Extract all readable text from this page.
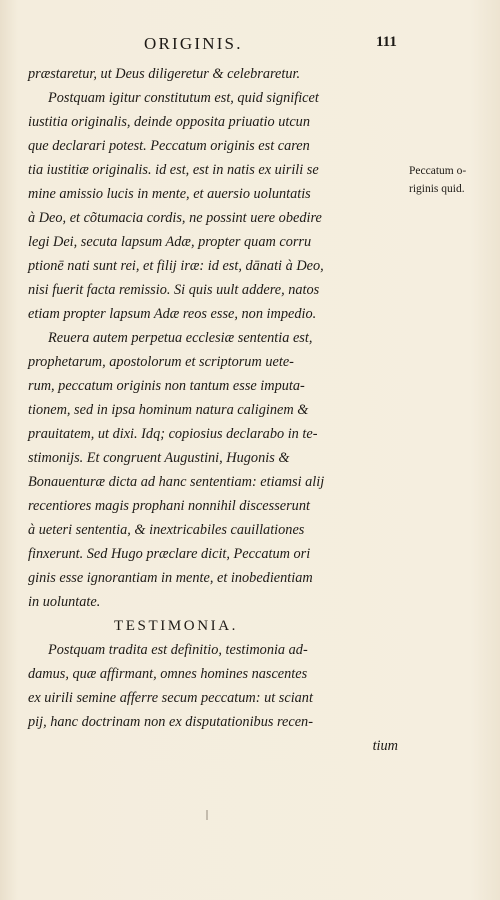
ORIGINIS.	111
præstaretur, ut Deus diligeretur & celebraretur.
Postquam igitur constitutum est, quid significet
iustitia originalis, deinde opposita priuatio utcun
que declarari potest. Peccatum originis est caren
tia iustitiæ originalis. id est, est in natis ex uirili se
mine amissio lucis in mente, et auersio uoluntatis
à Deo, et cõtumacia cordis, ne possint uere obedire
legi Dei, secuta lapsum Adæ, propter quam corru
ptionē nati sunt rei, et filij iræ: id est, dānati à Deo,
nisi fuerit facta remissio. Si quis uult addere, natos
etiam propter lapsum Adæ reos esse, non impedio.
Reuera autem perpetua ecclesiæ sententia est,
prophetarum, apostolorum et scriptorum uete-
rum, peccatum originis non tantum esse imputa-
tionem, sed in ipsa hominum natura caliginem &
prauitatem, ut dixi. Idq; copiosius declarabo in te-
stimonijs. Et congruent Augustini, Hugonis &
Bonauenturæ dicta ad hanc sententiam: etiamsi alij
recentiores magis prophani nonnihil discesserunt
à ueteri sententia, & inextricabiles cauillationes
finxerunt. Sed Hugo præclare dicit, Peccatum ori
ginis esse ignorantiam in mente, et inobedientiam
in uoluntate.
TESTIMONIA.
Postquam tradita est definitio, testimonia ad-
damus, quæ affirmant, omnes homines nascentes
ex uirili semine afferre secum peccatum: ut sciant
pij, hanc doctrinam non ex disputationibus recen-
tium
Peccatum o-
riginis quid.
